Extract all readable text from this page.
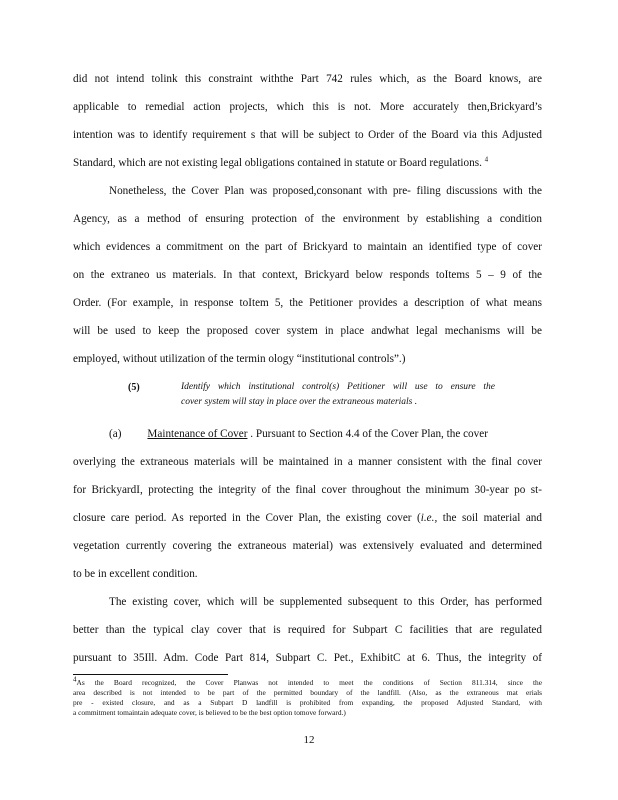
did not intend tolink this constraint withthe Part 742 rules which, as the Board knows, are
applicable to remedial action projects, which this is not. More accurately then,Brickyard’s
intention was to identify requirement s that will be subject to Order of the Board via this Adjusted
Standard, which are not existing legal obligations contained in statute or Board regulations. $^4$
Nonetheless, the Cover Plan was proposed,consonant with pre- filing discussions with the
Agency, as a method of ensuring protection of the environment by establishing a condition
which evidences a commitment on the part of Brickyard to maintain an identified type of cover
on the extraneo us materials. In that context, Brickyard below responds toItems 5 – 9 of the
Order. (For example, in response toItem 5, the Petitioner provides a description of what means
will be used to keep the proposed cover system in place andwhat legal mechanisms will be
employed, without utilization of the termin ology “institutional controls”.)
(5)	Identify which institutional control(s) Petitioner will use to ensure the
cover system will stay in place over the extraneous materials .
(a) Maintenance of Cover . Pursuant to Section 4.4 of the Cover Plan, the cover
overlying the extraneous materials will be maintained in a manner consistent with the final cover
for BrickyardI, protecting the integrity of the final cover throughout the minimum 30-year po st-
closure care period. As reported in the Cover Plan, the existing cover (i.e., the soil material and
vegetation currently covering the extraneous material) was extensively evaluated and determined
to be in excellent condition.
The existing cover, which will be supplemented subsequent to this Order, has performed
better than the typical clay cover that is required for Subpart C facilities that are regulated
pursuant to 35Ill. Adm. Code Part 814, Subpart C. Pet., ExhibitC at 6. Thus, the integrity of
$^4$As the Board recognized, the Cover Planwas not intended to meet the conditions of Section 811.314, since the
area described is not intended to be part of the permitted boundary of the landfill. (Also, as the extraneous mat erials
pre - existed closure, and as a Subpart D landfill is prohibited from expanding, the proposed Adjusted Standard, with
a commitment tomaintain adequate cover, is believed to be the best option tomove forward.)
12
